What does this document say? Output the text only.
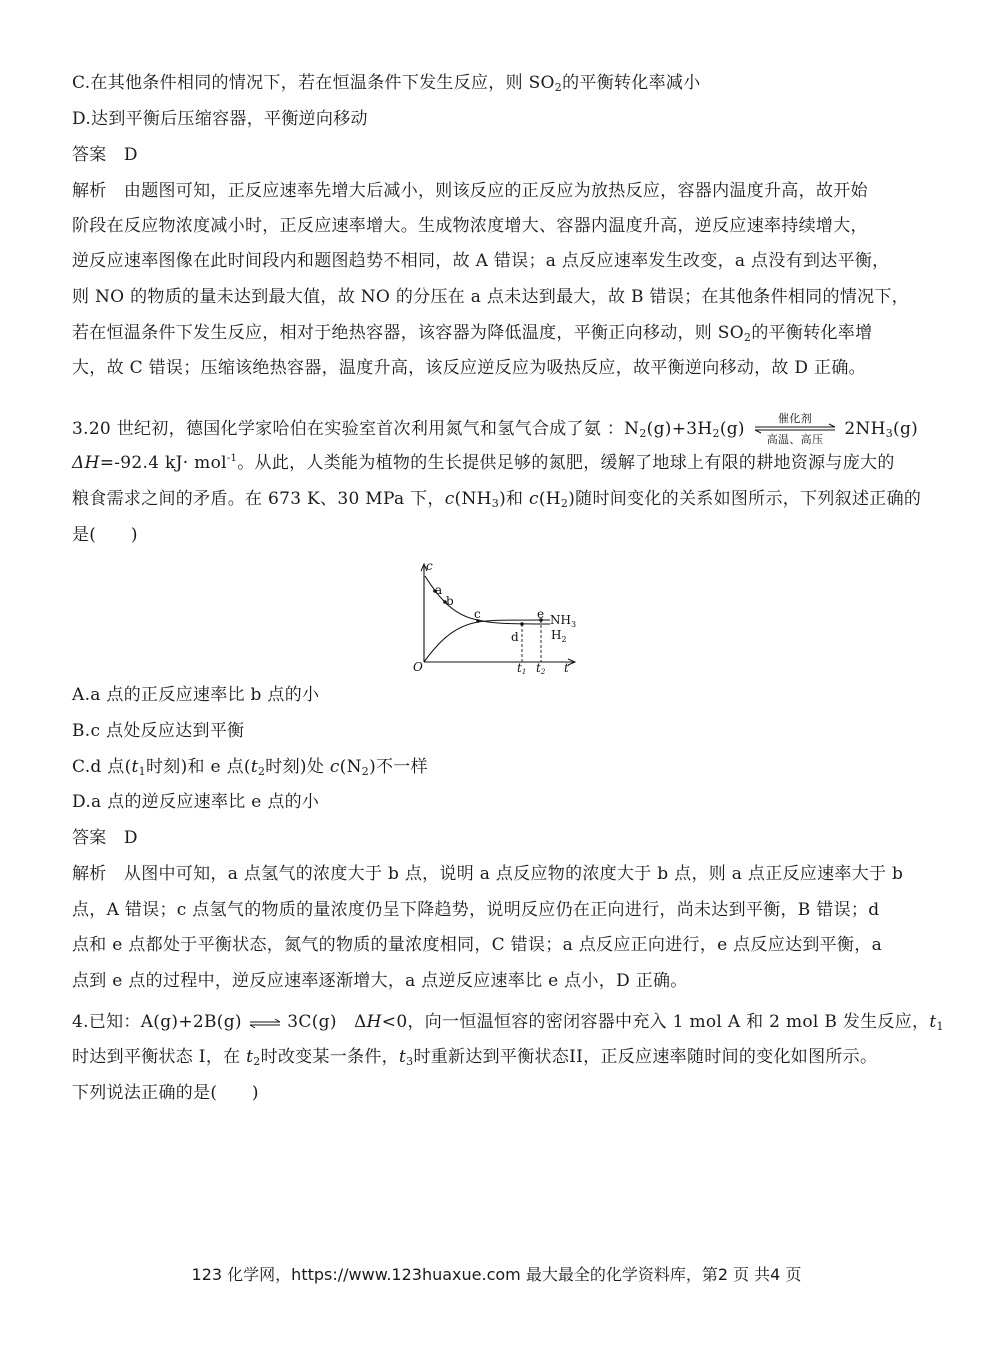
C.在其他条件相同的情况下，若在恒温条件下发生反应，则 $SO_2$的平衡转化率减小
D.达到平衡后压缩容器，平衡逆向移动
答案　D
解析　由题图可知，正反应速率先增大后减小，则该反应的正反应为放热反应，容器内温度升高，故开始
阶段在反应物浓度减小时，正反应速率增大。生成物浓度增大、容器内温度升高，逆反应速率持续增大，
逆反应速率图像在此时间段内和题图趋势不相同，故 A 错误；a 点反应速率发生改变，a 点没有到达平衡，
则 NO 的物质的量未达到最大值，故 NO 的分压在 a 点未达到最大，故 B 错误；在其他条件相同的情况下，
若在恒温条件下发生反应，相对于绝热容器，该容器为降低温度，平衡正向移动，则 $SO_2$的平衡转化率增
大，故 C 错误；压缩该绝热容器，温度升高，该反应逆反应为吸热反应，故平衡逆向移动，故 D 正确。
3.20 世纪初，德国化学家哈伯在实验室首次利用氮气和氢气合成了氨 ：$N_2(g)+3H_2(g)$
催化剂
高温、高压 $2NH_3(g)$
ΔH=-92.4 kJ· mol$^{-1}$。从此，人类能为植物的生长提供足够的氮肥，缓解了地球上有限的耕地资源与庞大的
粮食需求之间的矛盾。在 673 K、30 MPa 下，$c(NH_3)$和 $c(H_2)$随时间变化的关系如图所示，下列叙述正确的
是(　　)
c
O	t
a
b
c
d
e $NH_3$
$H_2$
t1 t2
A.a 点的正反应速率比 b 点的小
B.c 点处反应达到平衡
C.d 点($t_1$时刻)和 e 点($t_2$时刻)处 $c(N_2)$不一样
D.a 点的逆反应速率比 e 点的小
答案　D
解析　从图中可知，a 点氢气的浓度大于 b 点，说明 a 点反应物的浓度大于 b 点，则 a 点正反应速率大于 b
点，A 错误；c 点氢气的物质的量浓度仍呈下降趋势，说明反应仍在正向进行，尚未达到平衡，B 错误；d
点和 e 点都处于平衡状态，氮气的物质的量浓度相同，C 错误；a 点反应正向进行，e 点反应达到平衡，a
点到 e 点的过程中，逆反应速率逐渐增大，a 点逆反应速率比 e 点小，D 正确。
4.已知：A(g)+2B(g) ⇌ 3C(g)　ΔH<0，向一恒温恒容的密闭容器中充入 1 mol A 和 2 mol B 发生反应，$t_1$
时达到平衡状态 I，在 $t_2$时改变某一条件，$t_3$时重新达到平衡状态II，正反应速率随时间的变化如图所示。
下列说法正确的是(　　)
123 化学网，https://www.123huaxue.com 最大最全的化学资料库，第2 页 共4 页
